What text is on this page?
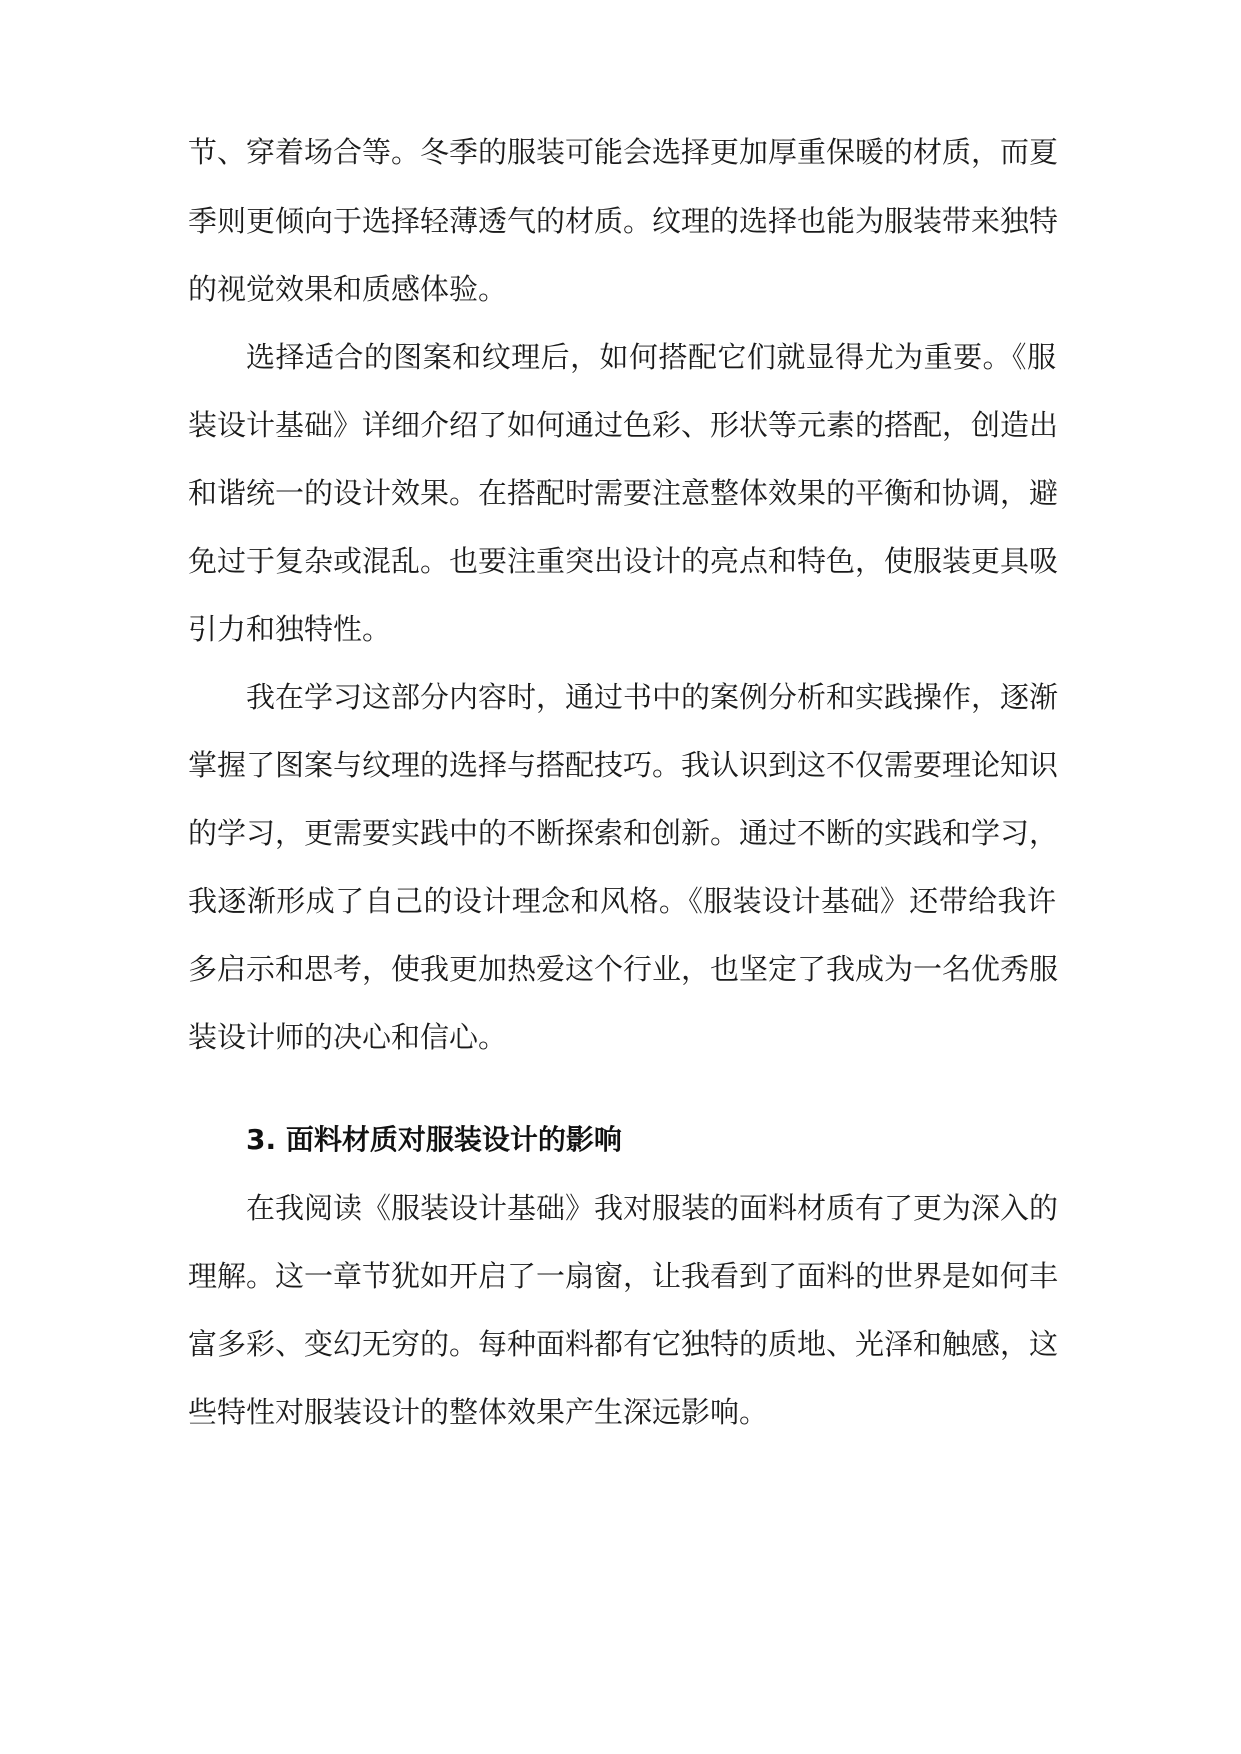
节、穿着场合等。冬季的服装可能会选择更加厚重保暖的材质，而夏
季则更倾向于选择轻薄透气的材质。纹理的选择也能为服装带来独特
的视觉效果和质感体验。
选择适合的图案和纹理后，如何搭配它们就显得尤为重要。《服
装设计基础》详细介绍了如何通过色彩、形状等元素的搭配，创造出
和谐统一的设计效果。在搭配时需要注意整体效果的平衡和协调，避
免过于复杂或混乱。也要注重突出设计的亮点和特色，使服装更具吸
引力和独特性。
我在学习这部分内容时，通过书中的案例分析和实践操作，逐渐
掌握了图案与纹理的选择与搭配技巧。我认识到这不仅需要理论知识
的学习，更需要实践中的不断探索和创新。通过不断的实践和学习，
我逐渐形成了自己的设计理念和风格。《服装设计基础》还带给我许
多启示和思考，使我更加热爱这个行业，也坚定了我成为一名优秀服
装设计师的决心和信心。
在我阅读《服装设计基础》我对服装的面料材质有了更为深入的
理解。这一章节犹如开启了一扇窗，让我看到了面料的世界是如何丰
富多彩、变幻无穷的。每种面料都有它独特的质地、光泽和触感，这
些特性对服装设计的整体效果产生深远影响。
3. 面料材质对服装设计的影响
